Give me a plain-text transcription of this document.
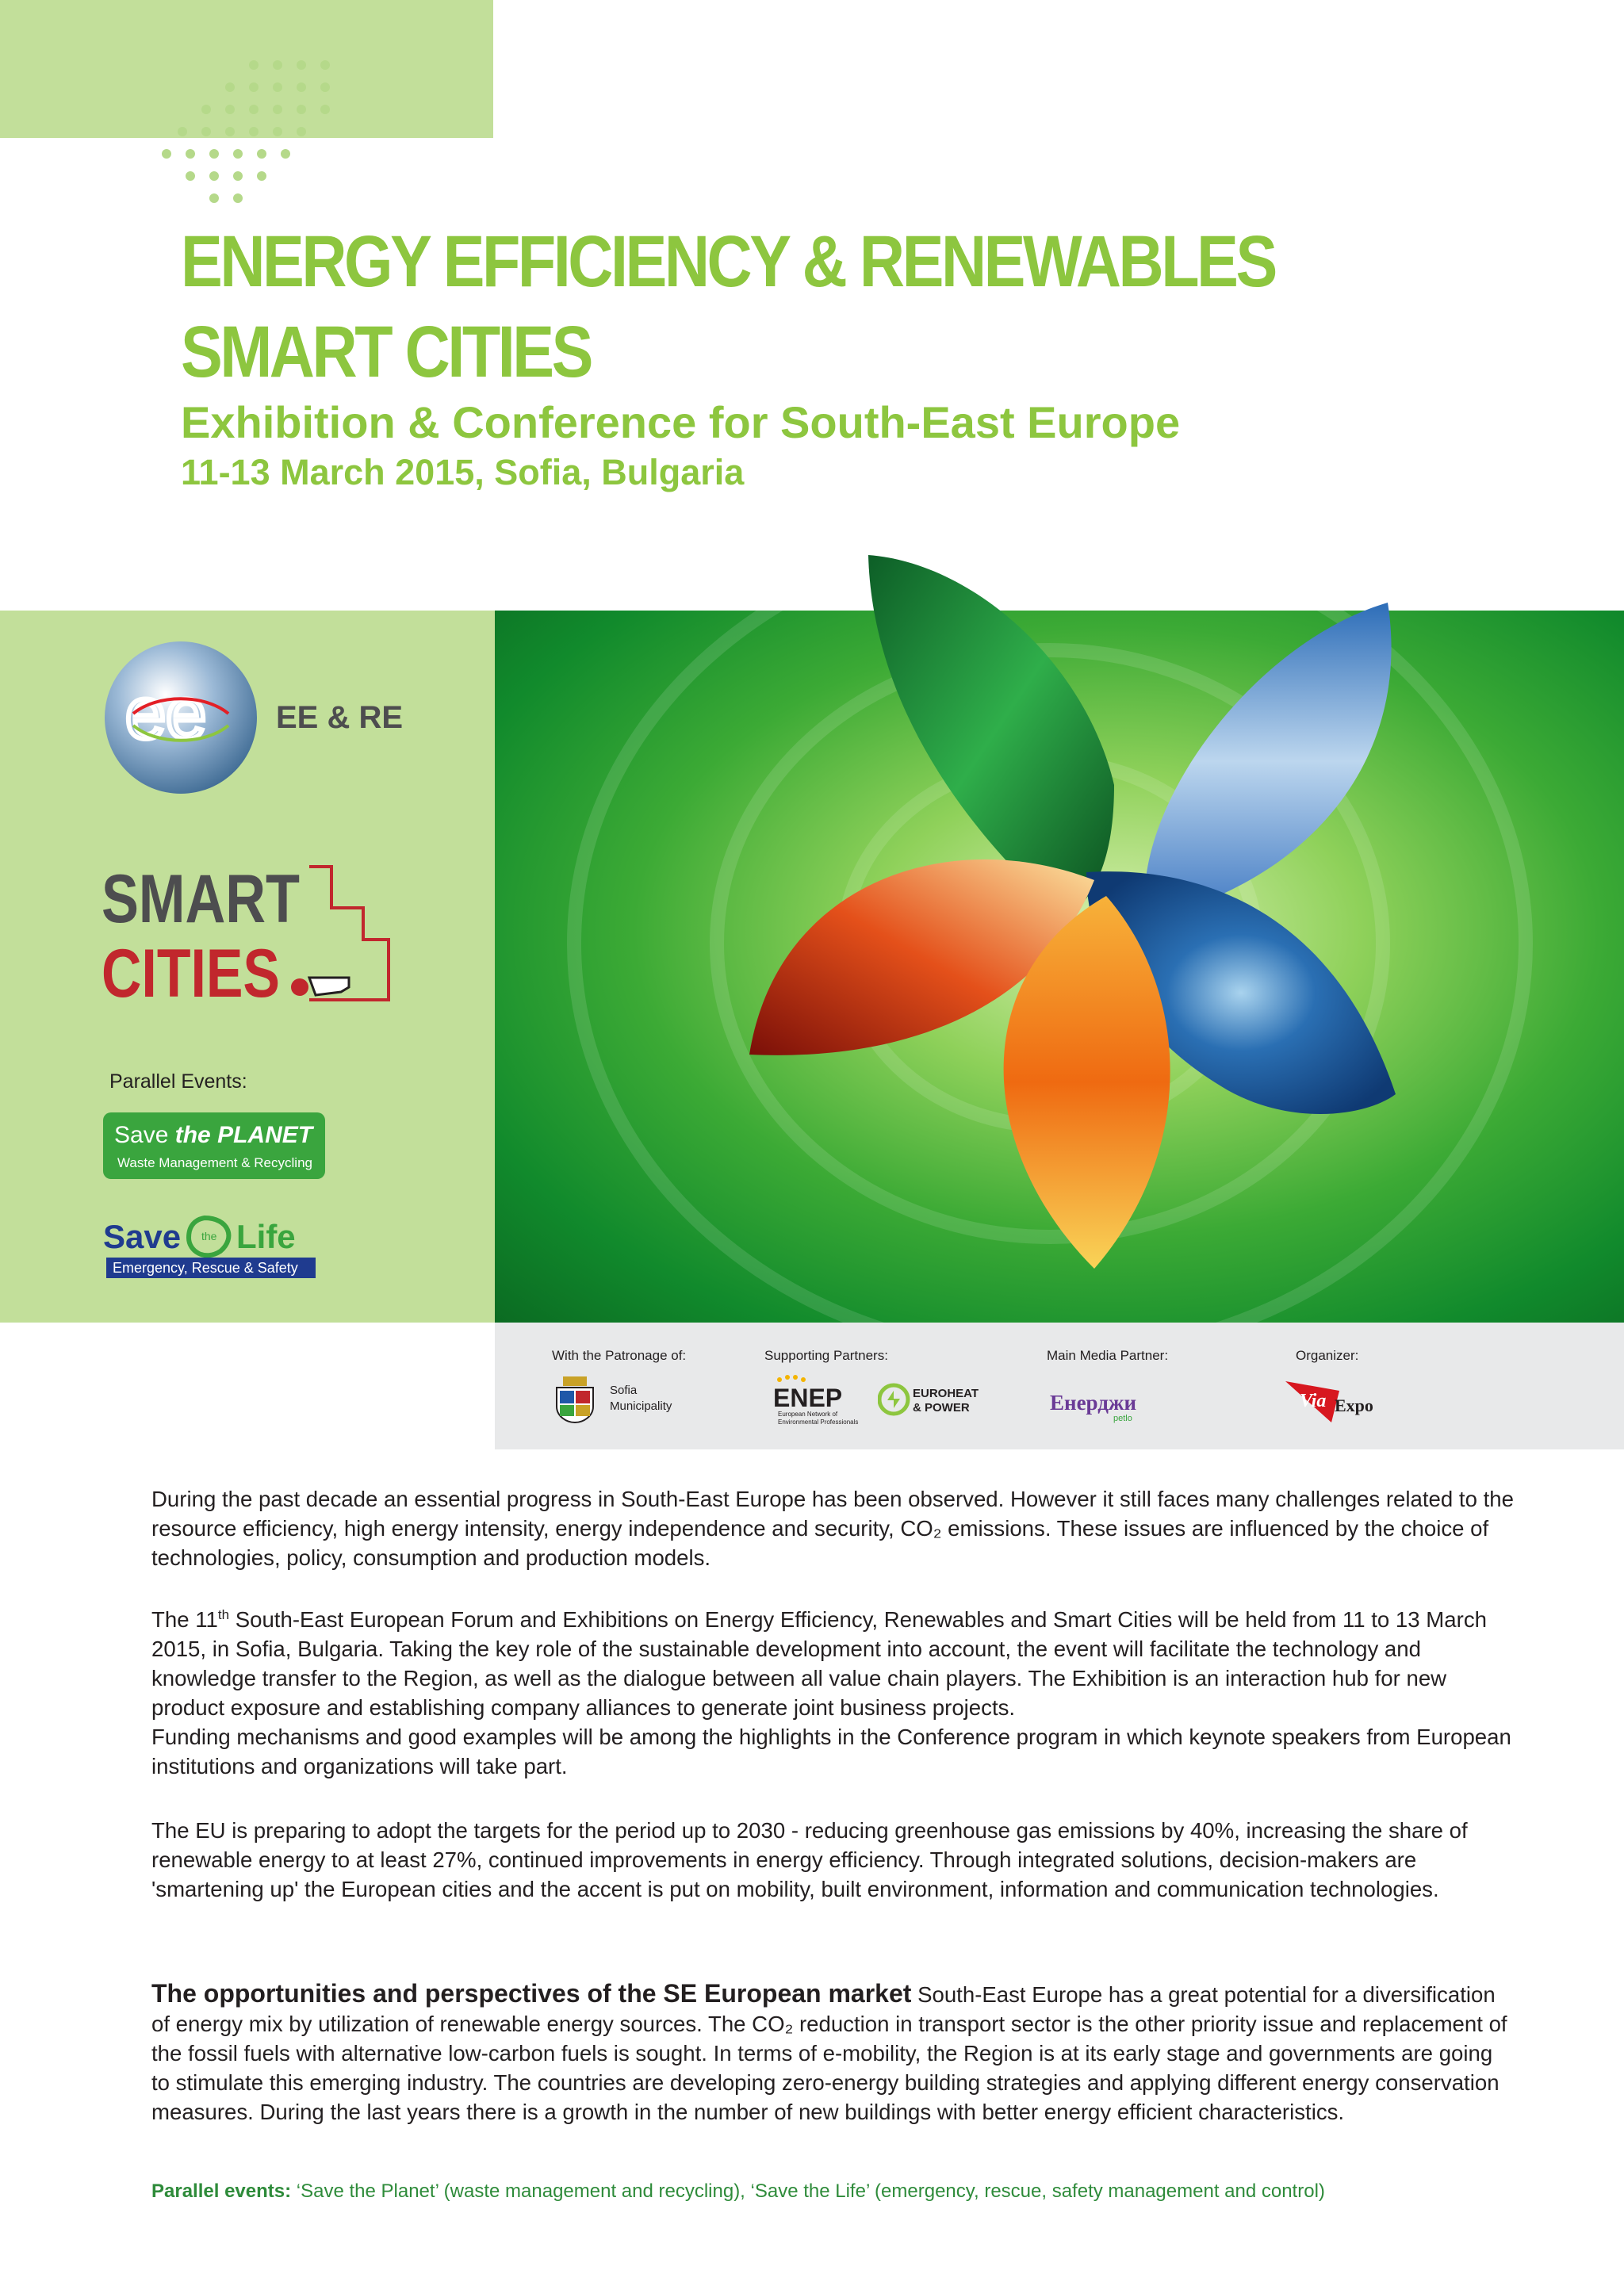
ENERGY EFFICIENCY & RENEWABLES
SMART CITIES
Exhibition & Conference for South-East Europe
11-13 March 2015, Sofia, Bulgaria
ee EE & RE
SMART
CITIES
Parallel Events:
Save the PLANET
Waste Management & Recycling
Save the Life
Emergency, Rescue & Safety
With the Patronage of:
Sofia
Municipality
Supporting Partners:
ENEP
European Network of
Environmental Professionals
EUROHEAT
& POWER
Main Media Partner:
Енерджи
petlo
Organizer:
Via Expo

During the past decade an essential progress in South-East Europe has been observed. However it still faces many challenges related to the resource efficiency, high energy intensity, energy independence and security, CO₂ emissions. These issues are influenced by the choice of technologies, policy, consumption and production models.

The 11th South-East European Forum and Exhibitions on Energy Efficiency, Renewables and Smart Cities will be held from 11 to 13 March 2015, in Sofia, Bulgaria. Taking the key role of the sustainable development into account, the event will facilitate the technology and knowledge transfer to the Region, as well as the dialogue between all value chain players. The Exhibition is an interaction hub for new product exposure and establishing company alliances to generate joint business projects.
Funding mechanisms and good examples will be among the highlights in the Conference program in which keynote speakers from European institutions and organizations will take part.

The EU is preparing to adopt the targets for the period up to 2030 - reducing greenhouse gas emissions by 40%, increasing the share of renewable energy to at least 27%, continued improvements in energy efficiency. Through integrated solutions, decision-makers are 'smartening up' the European cities and the accent is put on mobility, built environment, information and communication technologies.

The opportunities and perspectives of the SE European market South-East Europe has a great potential for a diversification of energy mix by utilization of renewable energy sources. The CO₂ reduction in transport sector is the other priority issue and replacement of the fossil fuels with alternative low-carbon fuels is sought. In terms of e-mobility, the Region is at its early stage and governments are going to stimulate this emerging industry. The countries are developing zero-energy building strategies and applying different energy conservation measures. During the last years there is a growth in the number of new buildings with better energy efficient characteristics.

Parallel events: ‘Save the Planet’ (waste management and recycling), ‘Save the Life’ (emergency, rescue, safety management and control)
